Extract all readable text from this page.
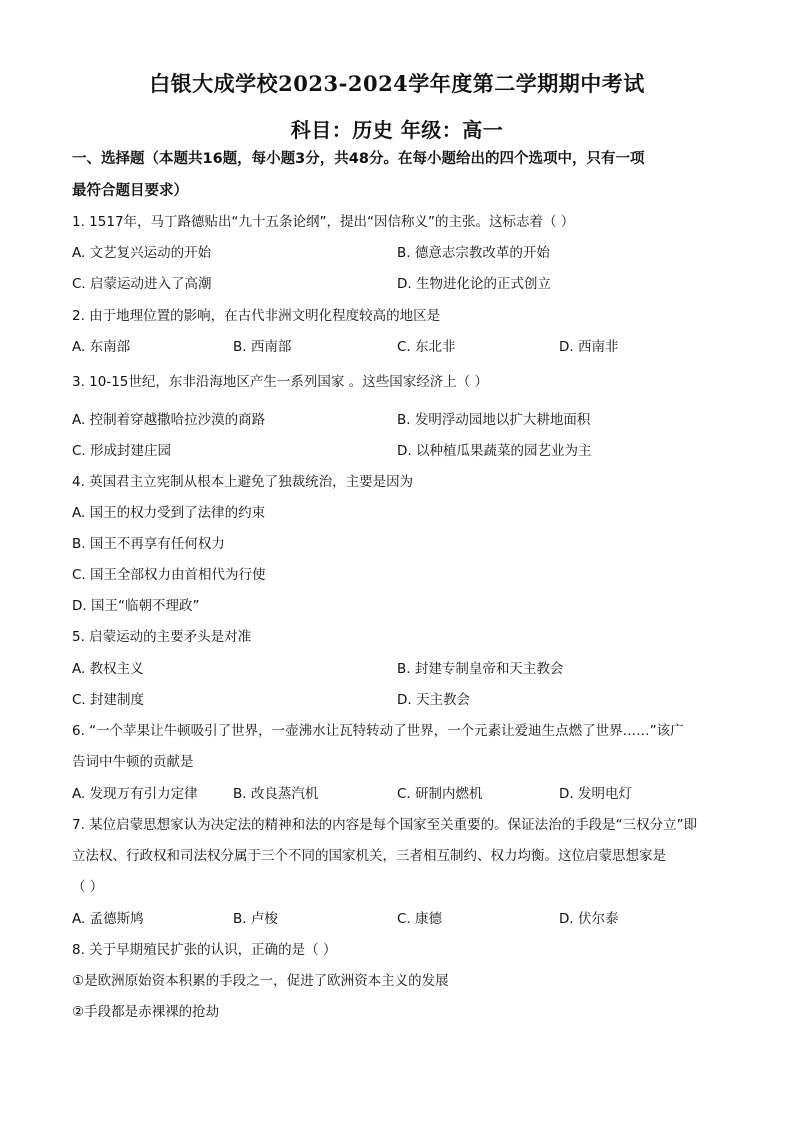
白银大成学校2023-2024学年度第二学期期中考试
科目：历史 年级：高一
一、选择题（本题共16题，每小题3分，共48分。在每小题给出的四个选项中，只有一项
最符合题目要求）
1. 1517年，马丁路德贴出“九十五条论纲”，提出“因信称义”的主张。这标志着（ ）
A. 文艺复兴运动的开始	B. 德意志宗教改革的开始
C. 启蒙运动进入了高潮	D. 生物进化论的正式创立
2. 由于地理位置的影响，在古代非洲文明化程度较高的地区是
A. 东南部	B. 西南部	C. 东北非	D. 西南非
3. 10-15世纪，东非沿海地区产生一系列国家 。这些国家经济上（ ）
A. 控制着穿越撒哈拉沙漠的商路	B. 发明浮动园地以扩大耕地面积
C. 形成封建庄园	D. 以种植瓜果蔬菜的园艺业为主
4. 英国君主立宪制从根本上避免了独裁统治，主要是因为
A. 国王的权力受到了法律的约束
B. 国王不再享有任何权力
C. 国王全部权力由首相代为行使
D. 国王“临朝不理政”
5. 启蒙运动的主要矛头是对准
A. 教权主义	B. 封建专制皇帝和天主教会
C. 封建制度	D. 天主教会
6. “一个苹果让牛顿吸引了世界，一壶沸水让瓦特转动了世界，一个元素让爱迪生点燃了世界……”该广
告词中牛顿的贡献是
A. 发现万有引力定律	B. 改良蒸汽机	C. 研制内燃机	D. 发明电灯
7. 某位启蒙思想家认为决定法的精神和法的内容是每个国家至关重要的。保证法治的手段是“三权分立”即
立法权、行政权和司法权分属于三个不同的国家机关，三者相互制约、权力均衡。这位启蒙思想家是
（ ）
A. 孟德斯鸠	B. 卢梭	C. 康德	D. 伏尔泰
8. 关于早期殖民扩张的认识，正确的是（ ）
①是欧洲原始资本积累的手段之一，促进了欧洲资本主义的发展
②手段都是赤裸裸的抢劫
